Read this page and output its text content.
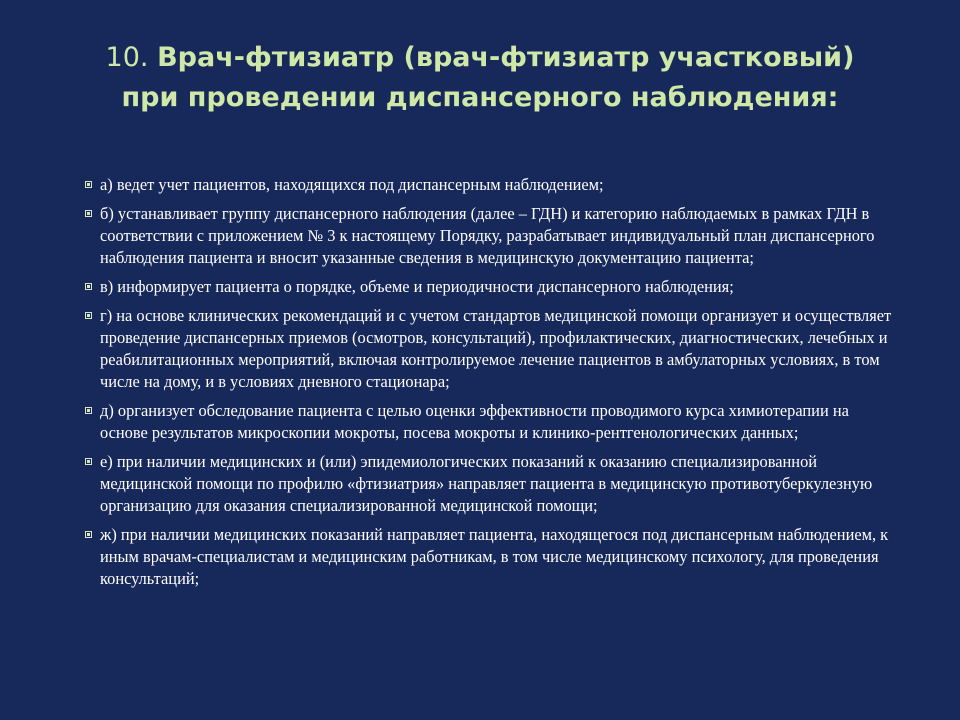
10. Врач-фтизиатр (врач-фтизиатр участковый)
при проведении диспансерного наблюдения:
а) ведет учет пациентов, находящихся под диспансерным наблюдением;
б) устанавливает группу диспансерного наблюдения (далее – ГДН) и категорию наблюдаемых в рамках ГДН в соответствии с приложением № 3 к настоящему Порядку, разрабатывает индивидуальный план диспансерного наблюдения пациента и вносит указанные сведения в медицинскую документацию пациента;
в) информирует пациента о порядке, объеме и периодичности диспансерного наблюдения;
г) на основе клинических рекомендаций и с учетом стандартов медицинской помощи организует и осуществляет проведение диспансерных приемов (осмотров, консультаций), профилактических, диагностических, лечебных и реабилитационных мероприятий, включая контролируемое лечение пациентов в амбулаторных условиях, в том числе на дому, и в условиях дневного стационара;
д) организует обследование пациента с целью оценки эффективности проводимого курса химиотерапии на основе результатов микроскопии мокроты, посева мокроты и клинико-рентгенологических данных;
е) при наличии медицинских и (или) эпидемиологических показаний к оказанию специализированной медицинской помощи по профилю «фтизиатрия» направляет пациента в медицинскую противотуберкулезную организацию для оказания специализированной медицинской помощи;
ж) при наличии медицинских показаний направляет пациента, находящегося под диспансерным наблюдением, к иным врачам-специалистам и медицинским работникам, в том числе медицинскому психологу, для проведения консультаций;
